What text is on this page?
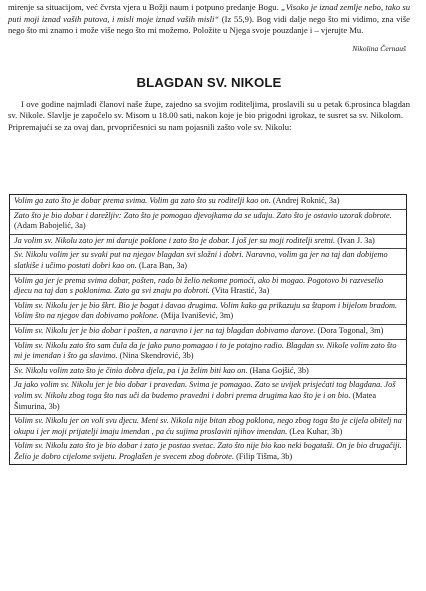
mirenje sa situacijom, već čvrsta vjera u Božji naum i potpuno predanje Bogu. „Visoko je iznad zemlje nebo, tako su puti moji iznad vaših putova, i misli moje iznad vaših misli“ (Iz 55,9). Bog vidi dalje nego što mi vidimo, zna više nego što mi znamo i može više nego što mi možemo. Položite u Njega svoje pouzdanje i – vjerujte Mu.

Nikolina Černauš
BLAGDAN SV. NIKOLE

I ove godine najmlađi članovi naše župe, zajedno sa svojim roditeljima, proslavili su u petak 6.prosinca blagdan sv. Nikole. Slavlje je započelo sv. Misom u 18.00 sati, nakon koje je bio prigodni igrokaz, te susret sa sv. Nikolom.

Pripremajući se za ovaj dan, prvopričesnici su nam pojasnili zašto vole sv. Nikolu:

Volim ga zato što je dobar prema svima. Volim ga zato što su roditelji kao on. (Andrej Roknić, 3a)
Zato što je bio dobar i darežljiv: Zato što je pomogao djevojkama da se udaju. Zato što je ostavio uzorak dobrote. (Adam Babojelić, 3a)
Ja volim sv. Nikolu zato jer mi daruje poklone i zato što je dobar. I još jer su moji roditelji sretni. (Ivan J. 3a)
Sv. Nikolu volim jer su svaki put na njegov blagdan svi složni i dobri. Naravno, volim ga jer na taj dan dobijemo slatkiše i učimo postati dobri kao on. (Lara Ban, 3a)
Volim ga jer je prema svima dobar, pošten, rado bi želio nekome pomoći, ako bi mogao. Pogotovo bi razveselio djecu na taj dan s poklonima. Zato ga svi znaju po dobroti. (Vita Hrastić, 3a)
Volim sv. Nikolu jer je bio škrt. Bio je bogat i davao drugima. Volim kako ga prikazuju sa štapom i bijelom bradom. Volim što na njegov dan dobivamo poklone. (Mija Ivanišević, 3m)
Volim sv. Nikolu jer je bio dobar i pošten, a naravno i jer na taj blagdan dobivamo darove. (Dora Togonal, 3m)
Volim sv. Nikolu zato što sam čula da je jako puno pomagao i to je potajno radio. Blagdan sv. Nikole volim zato što mi je imendan i što ga slavimo. (Nina Skendrović, 3b)
Sv. Nikolu volim zato što je činio dobra djela, pa i ja želim biti kao on. (Hana Gojšić, 3b)
Ja jako volim sv. Nikolu jer je bio dobar i pravedan. Svima je pomagao. Zato se uvijek prisjećati tog blagdana. Još volim sv. Nikolu zbog toga što nas uči da budemo pravedni i dobri prema drugima kao što je i on bio. (Matea Šimurina, 3b)
Volim sv. Nikolu jer on voli svu djecu. Meni sv. Nikola nije bitan zbog poklona, nego zbog toga što je cijela obitelj na okupu i jer moji prijatelji imaju imendan , pa ću sujima proslaviti njihov imendan. (Lea Kuhar, 3b)
Volim sv. Nikolu zato što je bio dobar i zato je postao svetac. Zato što nije bio kao neki bogataši. On je bio drugačiji. Želio je dobro cijelome svijetu. Proglašen je svecem zbog dobrote. (Filip Tišma, 3b)
